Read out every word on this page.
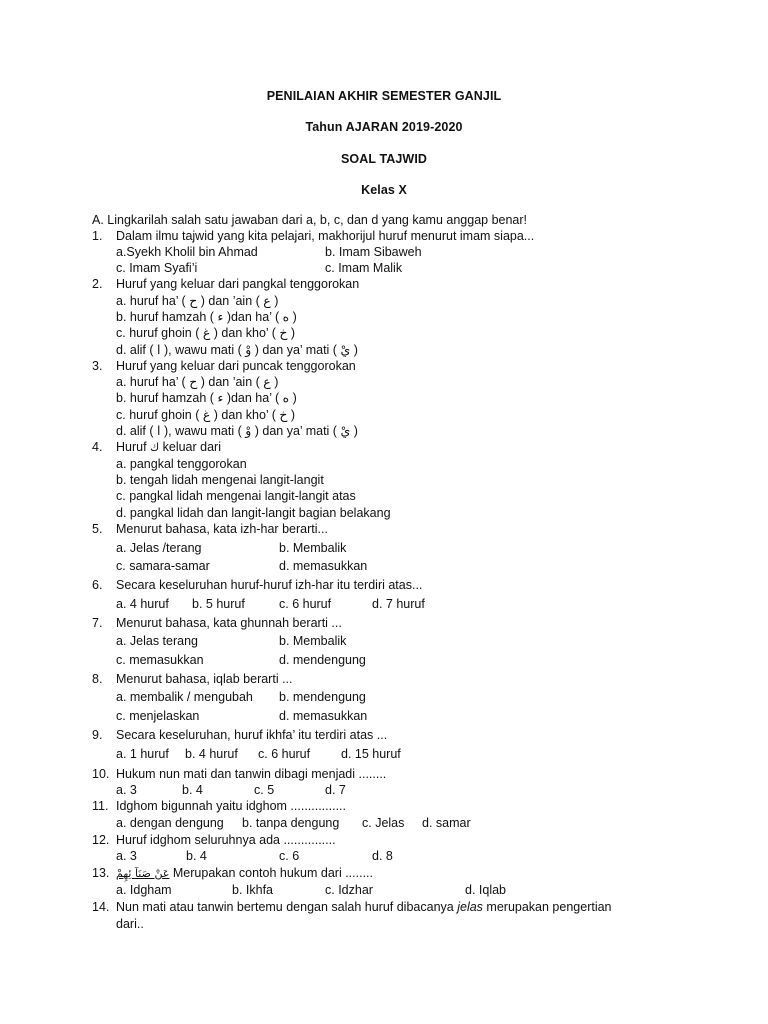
PENILAIAN AKHIR SEMESTER GANJIL
Tahun AJARAN 2019-2020
SOAL TAJWID
Kelas X
A. Lingkarilah salah satu jawaban dari a, b, c, dan d yang kamu anggap benar!
1. Dalam ilmu tajwid yang kita pelajari, makhorijul huruf menurut imam siapa...
a.Syekh Kholil bin Ahmad	b. Imam Sibaweh
c. Imam Syafi’i	c. Imam Malik
2. Huruf yang keluar dari pangkal tenggorokan
a. huruf ha’ ( ح ) dan ’ain ( ع )
b. huruf hamzah ( ء )dan ha’ ( ه )
c. huruf ghoin ( غ ) dan kho’ ( خ )
d. alif ( ا ), wawu mati ( وْ ) dan ya’ mati ( يْ )
3. Huruf yang keluar dari puncak tenggorokan
a. huruf ha’ ( ح ) dan ’ain ( ع )
b. huruf hamzah ( ء )dan ha’ ( ه )
c. huruf ghoin ( غ ) dan kho’ ( خ )
d. alif ( ا ), wawu mati ( وْ ) dan ya’ mati ( يْ )
4. Huruf ك keluar dari
a. pangkal tenggorokan
b. tengah lidah mengenai langit-langit
c. pangkal lidah mengenai langit-langit atas
d. pangkal lidah dan langit-langit bagian belakang
5. Menurut bahasa, kata izh-har berarti...
a. Jelas /terang	b. Membalik
c. samara-samar	d. memasukkan
6. Secara keseluruhan huruf-huruf izh-har itu terdiri atas...
a. 4 huruf b. 5 huruf	c. 6 huruf	d. 7 huruf
7. Menurut bahasa, kata ghunnah berarti ...
a. Jelas terang	b. Membalik
c. memasukkan	d. mendengung
8. Menurut bahasa, iqlab berarti ...
a. membalik / mengubah b. mendengung
c. menjelaskan	d. memasukkan
9. Secara keseluruhan, huruf ikhfa’ itu terdiri atas ...
a. 1 huruf b. 4 huruf c. 6 huruf d. 15 huruf
10. Hukum nun mati dan tanwin dibagi menjadi ........
a. 3	b. 4	c. 5	d. 7
11. Idghom bigunnah yaitu idghom ................
a. dengan dengung b. tanpa dengung c. Jelas d. samar
12. Huruf idghom seluruhnya ada ...............
a. 3	b. 4	c. 6	d. 8
13. عَنْ صَنَآ ئِهِمْ Merupakan contoh hukum dari ........
a. Idgham	b. Ikhfa	c. Idzhar	d. Iqlab
14. Nun mati atau tanwin bertemu dengan salah huruf dibacanya jelas merupakan pengertian
dari..
